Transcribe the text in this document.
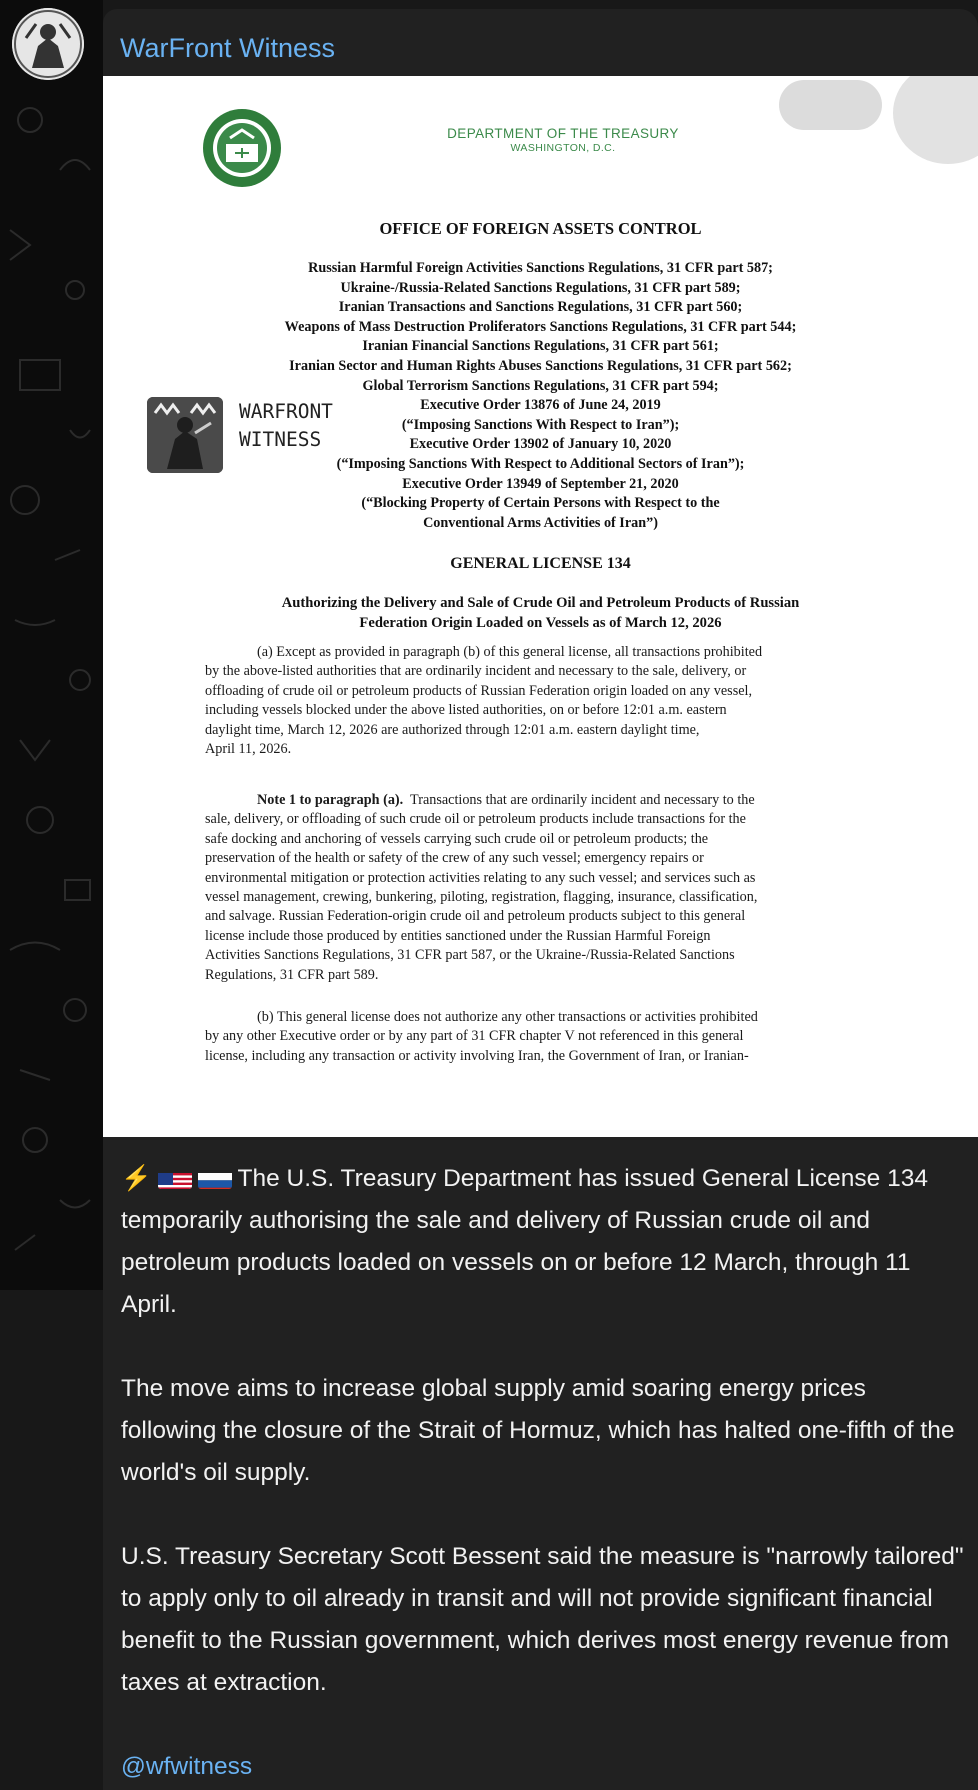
WarFront Witness
DEPARTMENT OF THE TREASURY
WASHINGTON, D.C.
OFFICE OF FOREIGN ASSETS CONTROL
Russian Harmful Foreign Activities Sanctions Regulations, 31 CFR part 587;
Ukraine-/Russia-Related Sanctions Regulations, 31 CFR part 589;
Iranian Transactions and Sanctions Regulations, 31 CFR part 560;
Weapons of Mass Destruction Proliferators Sanctions Regulations, 31 CFR part 544;
Iranian Financial Sanctions Regulations, 31 CFR part 561;
Iranian Sector and Human Rights Abuses Sanctions Regulations, 31 CFR part 562;
Global Terrorism Sanctions Regulations, 31 CFR part 594;
Executive Order 13876 of June 24, 2019
(“Imposing Sanctions With Respect to Iran”);
Executive Order 13902 of January 10, 2020
(“Imposing Sanctions With Respect to Additional Sectors of Iran”);
Executive Order 13949 of September 21, 2020
(“Blocking Property of Certain Persons with Respect to the
Conventional Arms Activities of Iran”)
GENERAL LICENSE 134
Authorizing the Delivery and Sale of Crude Oil and Petroleum Products of Russian
Federation Origin Loaded on Vessels as of March 12, 2026
(a) Except as provided in paragraph (b) of this general license, all transactions prohibited
by the above-listed authorities that are ordinarily incident and necessary to the sale, delivery, or
offloading of crude oil or petroleum products of Russian Federation origin loaded on any vessel,
including vessels blocked under the above listed authorities, on or before 12:01 a.m. eastern
daylight time, March 12, 2026 are authorized through 12:01 a.m. eastern daylight time,
April 11, 2026.
Note 1 to paragraph (a). Transactions that are ordinarily incident and necessary to the
sale, delivery, or offloading of such crude oil or petroleum products include transactions for the
safe docking and anchoring of vessels carrying such crude oil or petroleum products; the
preservation of the health or safety of the crew of any such vessel; emergency repairs or
environmental mitigation or protection activities relating to any such vessel; and services such as
vessel management, crewing, bunkering, piloting, registration, flagging, insurance, classification,
and salvage. Russian Federation-origin crude oil and petroleum products subject to this general
license include those produced by entities sanctioned under the Russian Harmful Foreign
Activities Sanctions Regulations, 31 CFR part 587, or the Ukraine-/Russia-Related Sanctions
Regulations, 31 CFR part 589.
(b) This general license does not authorize any other transactions or activities prohibited
by any other Executive order or by any part of 31 CFR chapter V not referenced in this general
license, including any transaction or activity involving Iran, the Government of Iran, or Iranian-
WARFRONT
WITNESS

⚡	The U.S. Treasury Department has issued General License 134 temporarily authorising the sale and delivery of Russian crude oil and petroleum products loaded on vessels on or before 12 March, through 11 April.

The move aims to increase global supply amid soaring energy prices following the closure of the Strait of Hormuz, which has halted one-fifth of the world's oil supply.

U.S. Treasury Secretary Scott Bessent said the measure is "narrowly tailored" to apply only to oil already in transit and will not provide significant financial benefit to the Russian government, which derives most energy revenue from taxes at extraction.

@wfwitness
